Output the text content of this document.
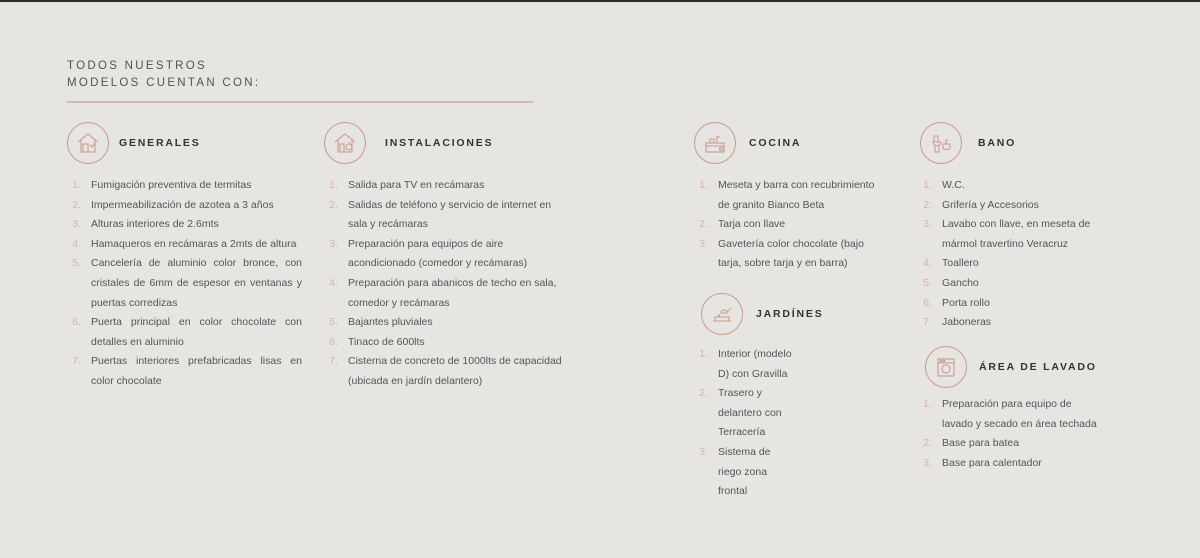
TODOS NUESTROS
MODELOS CUENTAN CON:
GENERALES
1. Fumigación preventiva de termitas
2. Impermeabilización de azotea a 3 años
3. Alturas interiores de 2.6mts
4. Hamaqueros en recámaras a 2mts de altura
5. Cancelería de aluminio color bronce, con cristales de 6mm de espesor en ventanas y puertas corredizas
6. Puerta principal en color chocolate con detalles en aluminio
7. Puertas interiores prefabricadas lisas en color chocolate
INSTALACIONES
1. Salida para TV en recámaras
2. Salidas de teléfono y servicio de internet en sala y recámaras
3. Preparación para equipos de aire acondicionado (comedor y recámaras)
4. Preparación para abanicos de techo en sala, comedor y recámaras
5. Bajantes pluviales
6. Tinaco de 600lts
7. Cisterna de concreto de 1000lts de capacidad (ubicada en jardín delantero)
COCINA
1. Meseta y barra con recubrimiento de granito Bianco Beta
2. Tarja con llave
3. Gavetería color chocolate (bajo tarja, sobre tarja y en barra)
JARDÍNES
1. Interior (modelo D) con Gravilla
2. Trasero y delantero con Terracería
3. Sistema de riego zona frontal
BANO
1. W.C.
2. Grifería y Accesorios
3. Lavabo con llave, en meseta de mármol travertino Veracruz
4. Toallero
5. Gancho
6. Porta rollo
7. Jaboneras
ÁREA DE LAVADO
1. Preparación para equipo de lavado y secado en área techada
2. Base para batea
3. Base para calentador
